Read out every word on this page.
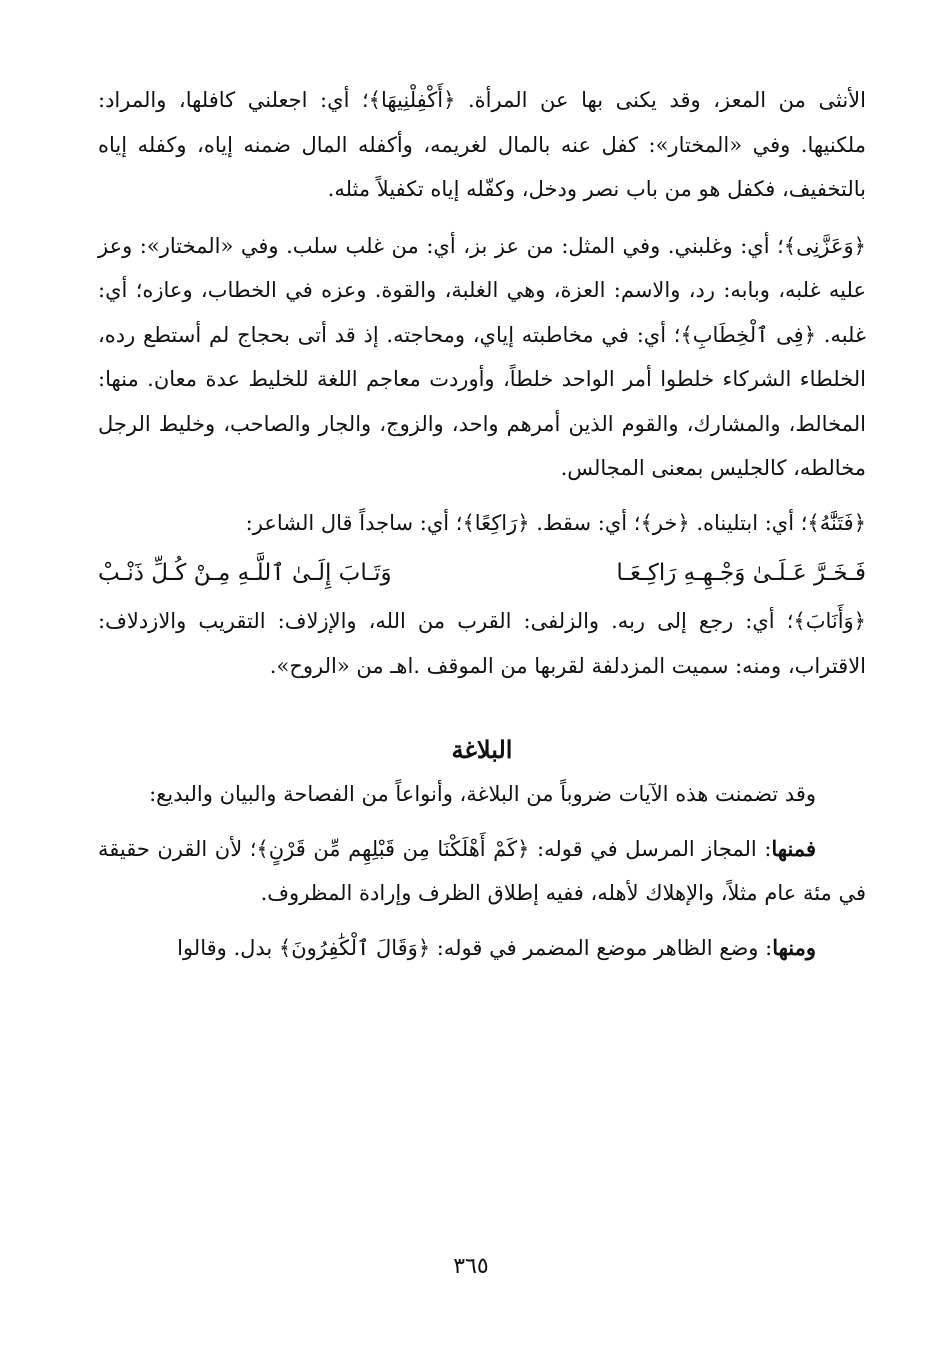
الأنثى من المعز، وقد يكنى بها عن المرأة. ﴿أَكْفِلْنِيهَا﴾؛ أي: اجعلني كافلها، والمراد: ملكنيها. وفي «المختار»: كفل عنه بالمال لغريمه، وأكفله المال ضمنه إياه، وكفله إياه بالتخفيف، فكفل هو من باب نصر ودخل، وكفّله إياه تكفيلاً مثله.

﴿وَعَزَّنِى﴾؛ أي: وغلبني. وفي المثل: من عز بز، أي: من غلب سلب. وفي «المختار»: وعز عليه غلبه، وبابه: رد، والاسم: العزة، وهي الغلبة، والقوة. وعزه في الخطاب، وعازه؛ أي: غلبه. ﴿فِى ٱلْخِطَابِ﴾؛ أي: في مخاطبته إياي، ومحاجته. إذ قد أتى بحجاج لم أستطع رده، الخلطاء الشركاء خلطوا أمر الواحد خلطاً، وأوردت معاجم اللغة للخليط عدة معان. منها: المخالط، والمشارك، والقوم الذين أمرهم واحد، والزوج، والجار والصاحب، وخليط الرجل مخالطه، كالجليس بمعنى المجالس.

﴿فَتَنَّٰهُ﴾؛ أي: ابتليناه. ﴿خر﴾؛ أي: سقط. ﴿رَاكِعًا﴾؛ أي: ساجداً قال الشاعر:

فَـخَـرَّ عَـلَـىٰ وَجْـهِـهِ رَاكِـعَـا
وَتَـابَ إِلَـىٰ ٱللَّـهِ مِـنْ كُـلِّ ذَنْـبْ

﴿وَأَنَابَ﴾؛ أي: رجع إلى ربه. والزلفى: القرب من الله، والإزلاف: التقريب والازدلاف: الاقتراب، ومنه: سميت المزدلفة لقربها من الموقف .اهـ من «الروح».

البلاغة

وقد تضمنت هذه الآيات ضروباً من البلاغة، وأنواعاً من الفصاحة والبيان والبديع:

فمنها: المجاز المرسل في قوله: ﴿كَمْ أَهْلَكْنَا مِن قَبْلِهِم مِّن قَرْنٍ﴾؛ لأن القرن حقيقة في مئة عام مثلاً، والإهلاك لأهله، ففيه إطلاق الظرف وإرادة المظروف.

ومنها: وضع الظاهر موضع المضمر في قوله: ﴿وَقَالَ ٱلْكَٰفِرُونَ﴾ بدل. وقالوا

٣٦٥
